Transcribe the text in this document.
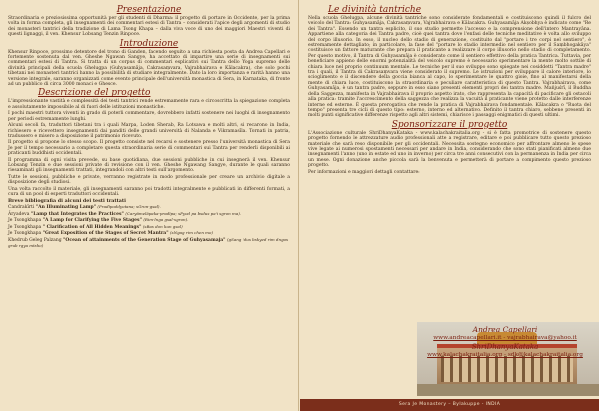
Presentazione

Straordinaria e preziosissima opportunità per gli studenti di Dharma: il progetto di portare in Occidente, per la prima volta in forma completa, gli insegnamenti dei commentari estesi di Tantra – considerati l'apice degli argomenti di studio dei monasteri tantrici della tradizione di Lama Tsong Khapa – dalla viva voce di uno dei maggiori Maestri viventi di questi lignaggi, il ven. Khensur Lobsang Tenzin Rinpoce.

Introduzione

Khensur Rinpoce, prossimo detentore del trono di Ganden, facendo seguito a una richiesta posta da Andrea Capellari e fortemente sostenuta dal ven. Gheshe Ngawan Sangye, ha accettato di impartire una serie di insegnamenti sui commentari estesi di Tantra. Si tratta di un corpus di commentari esplicativi sui Tantra dello Yoga supremo delle divinità principali della scuola Ghelugpa (Guhyasamāja, Cakrasaṃvara, Vajrabhairava e Kālacakra), che solo pochi tibetani nei monasteri tantrici hanno la possibilità di studiare integralmente. Dato la loro importanza e rarità hanno una versione integrale, saranno organizzati come evento principale dell'università monastica di Sera, in Karnataka, di fronte ad un pubblico di circa 3000 monaci e Ghesce.

Descrizione del progetto

L'impressionante vastità e complessità dei testi tantrici rende estremamente rara e circoscritta la spiegazione completa e assolutamente impossibile al di fuori delle istituzioni monastiche.

I pochi maestri tuttora viventi in grado di poterli commentare, dovrebbero infatti sostenere nei luoghi di insegnamento per periodi estremamente lunghi.

Alcuni secoli fa, traduttori tibetani tra i quali Marpa, Loden Sherab, Ra Lotsawa e molti altri, si recarono in India, richiesero e ricevettero insegnamenti dai panditi delle grandi università di Nalanda e Vikramasīla. Tornati in patria, tradussero e misero a disposizione il patrimonio ricevuto.

Il progetto si propone lo stesso scopo. Il progetto consiste nel recarsi e sostenere presso l'università monastica di Sera Je per il tempo necessario a completare questa straordinaria serie di commentari sui Tantra per renderli disponibili ai praticanti buddhisti occidentali.

Il programma di ogni visita prevede, su base quotidiana, due sessioni pubbliche in cui insegnerà il ven. Khensur Lobsang Tenzin e due sessioni private di revisione con il ven. Gheshe Ngawang Sangye, durante le quali saranno riesaminati gli insegnamenti trattati, integrandoli con altri testi sull'argomento.

Tutte le sessioni, pubbliche e private, verranno registrate in modo professionale per creare un archivio digitale a disposizione degli studiosi.

Una volta raccolto il materiale, gli insegnamenti saranno poi tradotti integralmente e pubblicati in differenti formati, a cura di un pool di esperti traduttori occidentali.

Breve bibliografia di alcuni dei testi trattati
Candrakīrti "An Illuminating Lamp" (Pradīpoddyotana; sGron-gsal).
Āryadeva "Lamp that Integrates the Practices" (Caryāmelāpaka-pradīpa; sPyod pa bsdus pa'i sgron ma).
Je Tsongkhapa "A Lamp for Clarifying the Five Stages" (Rim-lnga gsal-sgron).
Je Tsongkhapa " Clarification of All Hidden Meanings" (sBas don kun gsal)
Je Tsongkhapa "Great Exposition of the Stages of Secret Mantra" (sNgag rim chen mo)
Khedrub Geleg Palzang "Ocean of attainments of the Generation Stage of Guhyasamaja" (gSang 'dus bskyed rim dngos grub rgya mtsho)
Le divinità tantriche

Nella scuola Ghelugpa, alcune divinità tantriche sono considerate fondamentali e costituiscono quindi il fulcro del veicolo del Tantra: Guhyasamāja, Cakrasaṃvara, Vajrabhairava e Kālacakra. Guhyasamāja Akṣobhya è indicato come "Re dei Tantra". Essendo un tantra esplicito, il suo studio permette l'accesso e la comprensione dell'intero Mantrayāna. Appartiene alla categoria dei Tantra padre, cioè quei tantra dove l'enfasi delle tecniche meditative è volta allo sviluppo del corpo illusorio. In esso, il nucleo dello stadio di generazione, costituito dal "portare i tre corpi nel sentiero", è estremamente dettagliato; in particolare, la fase del "portare lo stadio intermedio nel sentiero per il Saṃbhogakāya" costituisce un fattore maturante che prepara il praticante a realizzare il corpo illusorio nello stadio di completamento. Per questo motivo, il Tantra di Guhyasamāja è considerato come il sentiero effettivo della pratica Tantrica. Tuttavia, per beneficiare appieno delle enormi potenzialità del veicolo supremo è necessario sperimentare la mente molto sottile di chiara luce nel proprio continuum mentale. Le tecniche per il suo sviluppo sono spiegate nei cosiddetti "Tantra madre" tra i quali, il Tantra di Cakrasaṃvara viene considerato il supremo. Le istruzioni per sviluppare il calore interiore, lo scioglimento e il discendere della goccia bianca al capo, lo sperimentare le quattro gioie, fino al manifestarsi della mente di chiara luce, costituiscono la straordinaria e peculiare caratteristica di questo Tantra. Vajrabhairava, come Guhyasamāja, è un tantra padre, seppure in esso siano presenti elementi propri dei tantra madre. Mañjuśrī, il Buddha della Saggezza, manifesta in Vajrabhairava il proprio aspetto irato, che rappresenta la capacità di pacificare gli ostacoli alla pratica: tramite l'accrescimento della saggezza che realizza la vacuità il praticante viene protetto dalle interferenze interne ed esterne. È questa prerogativa che rende la pratica di Vajrabhairava fondamentale. Kālacakra o "Ruota del tempo" presenta tre cicli di questo tipo: esterno, interno ed alternativo. Definito il tantra chiaro, sebbene presenti in molti punti significative differenze rispetto agli altri sistemi, chiarisce i passaggi enigmatici di questi ultimi.

Sponsorizzare il progetto

L'Associazione culturale ShriDhanyaKataka - www.kalachakraitalia.org - si è fatta promotrice di sostenere questo progetto fornendo le attrezzature audio professionali atte a registrare, editare e poi pubblicare tutto questo prezioso materiale che sarà reso disponibile per gli occidentali. Necessita sostegno economico per affrontare almeno le spese vive legate ai numerosi spostamenti necessari per andare in India, considerando che sono stati pianificati almeno due insegnamenti l'anno (uno in estate ed uno in inverno) per circa tre anni consecutivi con la permanenza in India per circa un mese. Ogni donazione anche piccola sarà la benvenuta e permetterà di portare a compimento questo prezioso progetto.

Per informazioni e maggiori dettagli contattare:

Andrea Capellari
www.andreacapellari.it - vajrabhairava@yahoo.it
ShriDhanyaKataka
www.kalachakraitalia.org - sdk@kalachakraitalia.org
Sera Je Monastery – Bylakuppe - INDIA
